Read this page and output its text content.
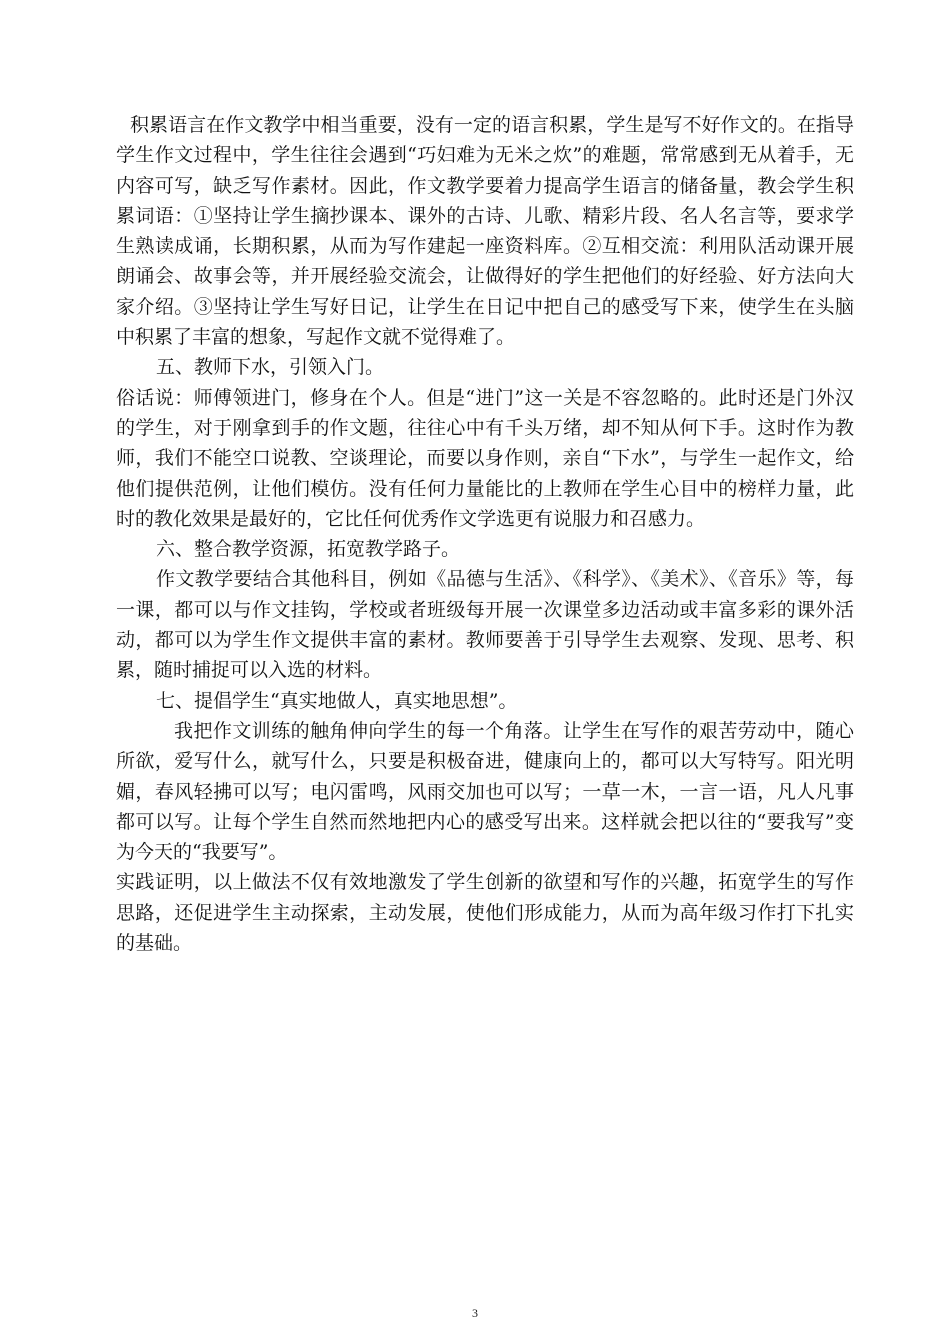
积累语言在作文教学中相当重要，没有一定的语言积累，学生是写不好作文的。在指导学生作文过程中，学生往往会遇到“巧妇难为无米之炊”的难题，常常感到无从着手，无内容可写，缺乏写作素材。因此，作文教学要着力提高学生语言的储备量，教会学生积累词语：①坚持让学生摘抄课本、课外的古诗、儿歌、精彩片段、名人名言等，要求学生熟读成诵，长期积累，从而为写作建起一座资料库。②互相交流：利用队活动课开展朗诵会、故事会等，并开展经验交流会，让做得好的学生把他们的好经验、好方法向大家介绍。③坚持让学生写好日记，让学生在日记中把自己的感受写下来，使学生在头脑中积累了丰富的想象，写起作文就不觉得难了。

五、教师下水，引领入门。

俗话说：师傅领进门，修身在个人。但是“进门”这一关是不容忽略的。此时还是门外汉的学生，对于刚拿到手的作文题，往往心中有千头万绪，却不知从何下手。这时作为教师，我们不能空口说教、空谈理论，而要以身作则，亲自“下水”，与学生一起作文，给他们提供范例，让他们模仿。没有任何力量能比的上教师在学生心目中的榜样力量，此时的教化效果是最好的，它比任何优秀作文学选更有说服力和召感力。

六、整合教学资源，拓宽教学路子。

作文教学要结合其他科目，例如《品德与生活》、《科学》、《美术》、《音乐》等，每一课，都可以与作文挂钩，学校或者班级每开展一次课堂多边活动或丰富多彩的课外活动，都可以为学生作文提供丰富的素材。教师要善于引导学生去观察、发现、思考、积累，随时捕捉可以入选的材料。

七、提倡学生“真实地做人，真实地思想”。

我把作文训练的触角伸向学生的每一个角落。让学生在写作的艰苦劳动中，随心所欲，爱写什么，就写什么，只要是积极奋进，健康向上的，都可以大写特写。阳光明媚，春风轻拂可以写；电闪雷鸣，风雨交加也可以写；一草一木，一言一语，凡人凡事都可以写。让每个学生自然而然地把内心的感受写出来。这样就会把以往的“要我写”变为今天的“我要写”。

实践证明，以上做法不仅有效地激发了学生创新的欲望和写作的兴趣，拓宽学生的写作思路，还促进学生主动探索，主动发展，使他们形成能力，从而为高年级习作打下扎实的基础。

3
